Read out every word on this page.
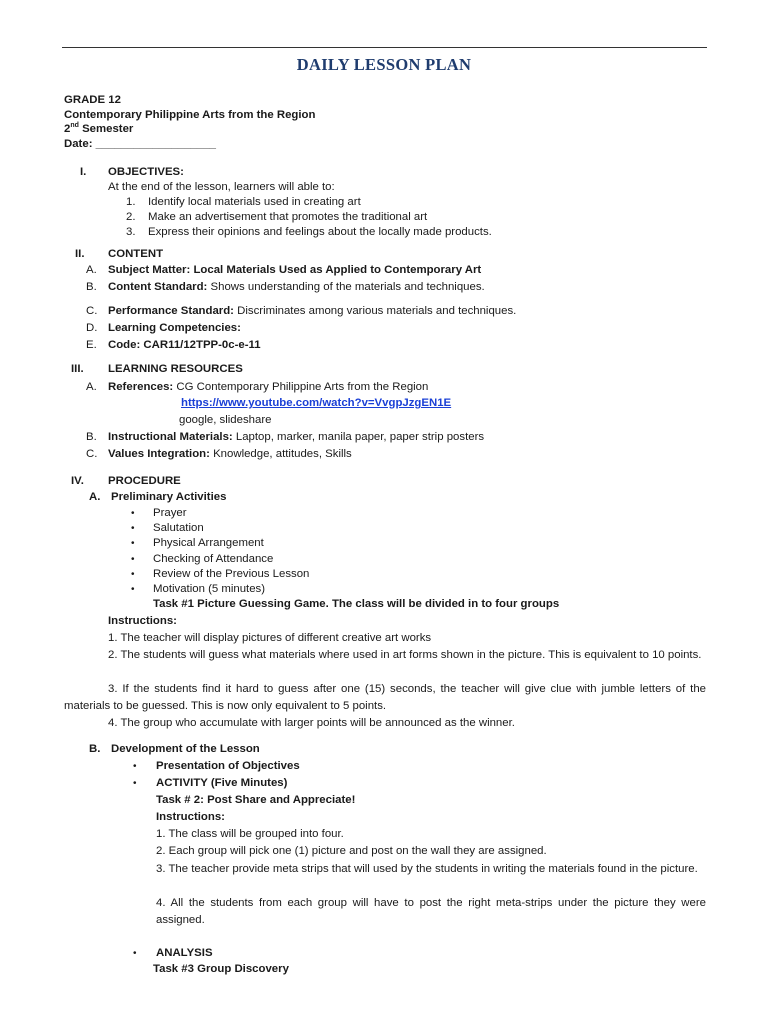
DAILY LESSON PLAN
GRADE 12
Contemporary Philippine Arts from the Region
2nd Semester
Date: ___________________
I. OBJECTIVES:
At the end of the lesson, learners will able to:
1. Identify local materials used in creating art
2. Make an advertisement that promotes the traditional art
3. Express their opinions and feelings about the locally made products.
II. CONTENT
A. Subject Matter: Local Materials Used as Applied to Contemporary Art
B. Content Standard: Shows understanding of the materials and techniques.
C. Performance Standard: Discriminates among various materials and techniques.
D. Learning Competencies:
E. Code: CAR11/12TPP-0c-e-11
III. LEARNING RESOURCES
A. References: CG Contemporary Philippine Arts from the Region
https://www.youtube.com/watch?v=VvgpJzgEN1E
google, slideshare
B. Instructional Materials: Laptop, marker, manila paper, paper strip posters
C. Values Integration: Knowledge, attitudes, Skills
IV. PROCEDURE
A. Preliminary Activities
• Prayer
• Salutation
• Physical Arrangement
• Checking of Attendance
• Review of the Previous Lesson
• Motivation (5 minutes)
Task #1 Picture Guessing Game. The class will be divided in to four groups
Instructions:
1. The teacher will display pictures of different creative art works
2. The students will guess what materials where used in art forms shown in the picture. This is equivalent to 10 points.
3. If the students find it hard to guess after one (15) seconds, the teacher will give clue with jumble letters of the materials to be guessed. This is now only equivalent to 5 points.
4. The group who accumulate with larger points will be announced as the winner.
B. Development of the Lesson
• Presentation of Objectives
• ACTIVITY (Five Minutes)
Task # 2: Post Share and Appreciate!
Instructions:
1. The class will be grouped into four.
2. Each group will pick one (1) picture and post on the wall they are assigned.
3. The teacher provide meta strips that will used by the students in writing the materials found in the picture.
4. All the students from each group will have to post the right meta-strips under the picture they were assigned.
• ANALYSIS
Task #3 Group Discovery
